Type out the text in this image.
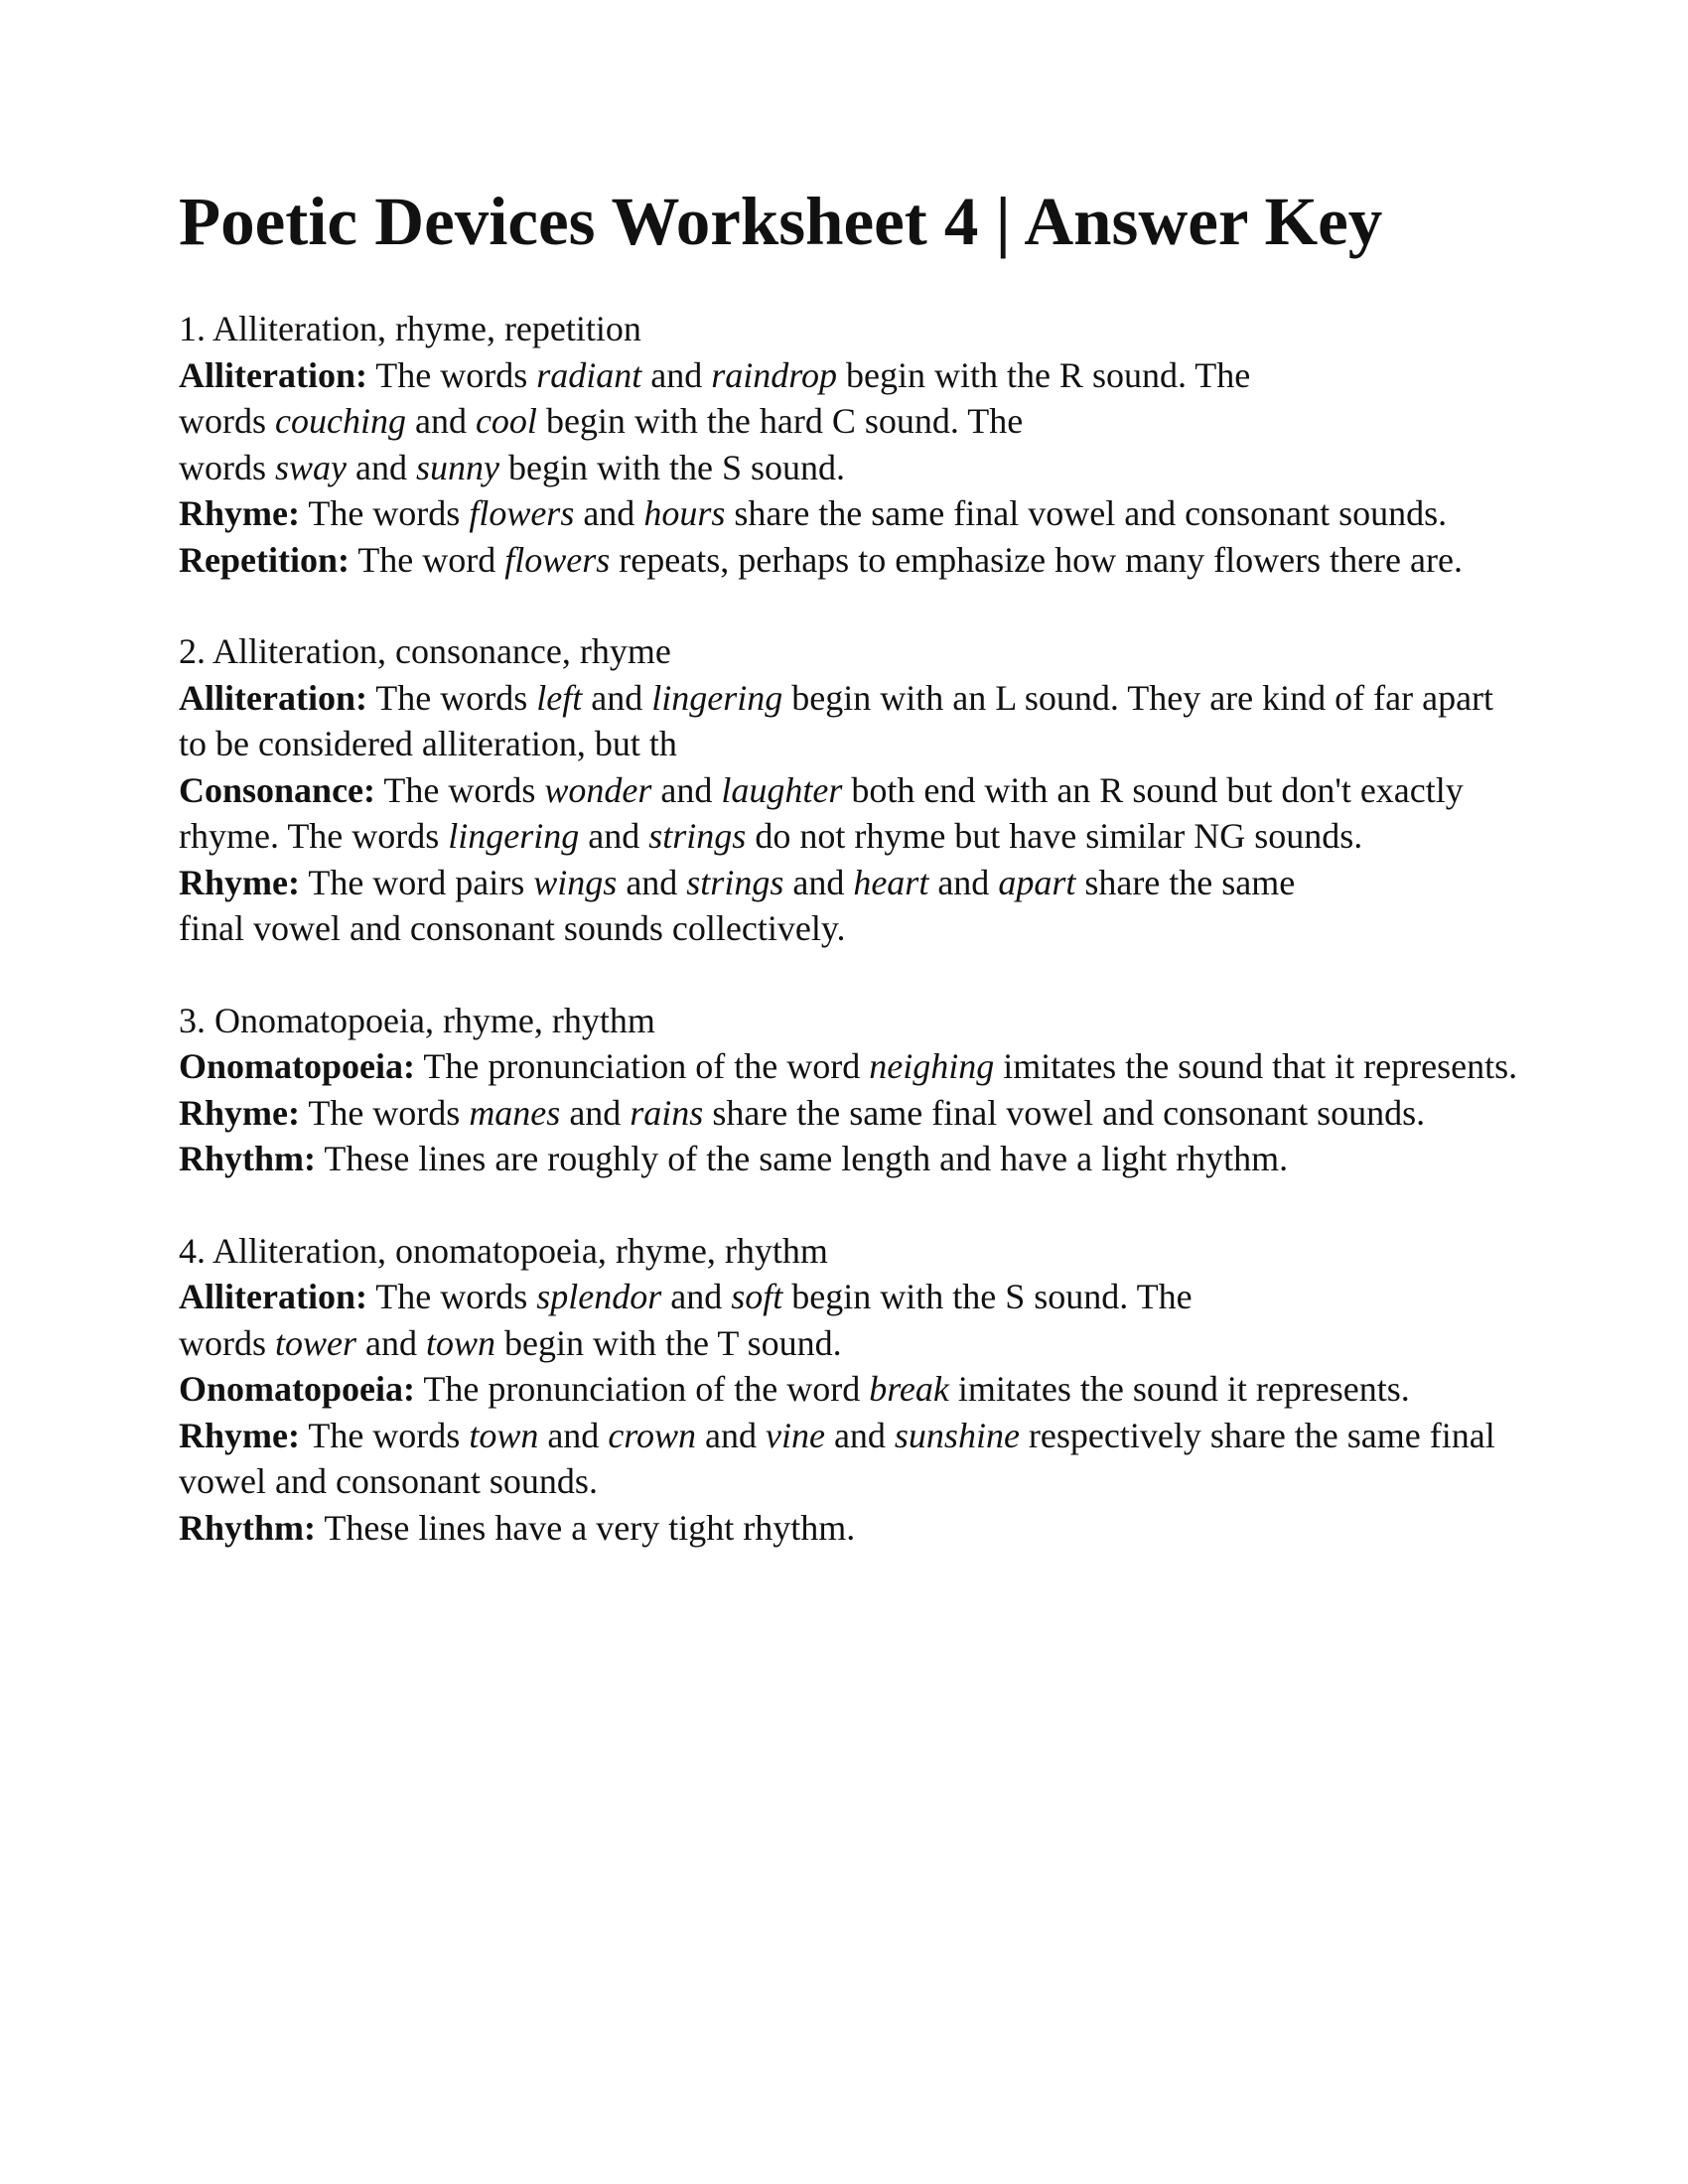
Poetic Devices Worksheet 4 | Answer Key

1. Alliteration, rhyme, repetition

Alliteration: The words radiant and raindrop begin with the R sound. The
words couching and cool begin with the hard C sound. The
words sway and sunny begin with the S sound.

Rhyme: The words flowers and hours share the same final vowel and consonant sounds.

Repetition: The word flowers repeats, perhaps to emphasize how many flowers there are.

2. Alliteration, consonance, rhyme

Alliteration: The words left and lingering begin with an L sound. They are kind of far apart to be considered alliteration, but th

Consonance: The words wonder and laughter both end with an R sound but don't exactly rhyme. The words lingering and strings do not rhyme but have similar NG sounds.

Rhyme: The word pairs wings and strings and heart and apart share the same
final vowel and consonant sounds collectively.

3. Onomatopoeia, rhyme, rhythm

Onomatopoeia: The pronunciation of the word neighing imitates the sound that it represents.

Rhyme: The words manes and rains share the same final vowel and consonant sounds.

Rhythm: These lines are roughly of the same length and have a light rhythm.

4. Alliteration, onomatopoeia, rhyme, rhythm

Alliteration: The words splendor and soft begin with the S sound. The
words tower and town begin with the T sound.

Onomatopoeia: The pronunciation of the word break imitates the sound it represents.

Rhyme: The words town and crown and vine and sunshine respectively share the same final vowel and consonant sounds.

Rhythm: These lines have a very tight rhythm.
